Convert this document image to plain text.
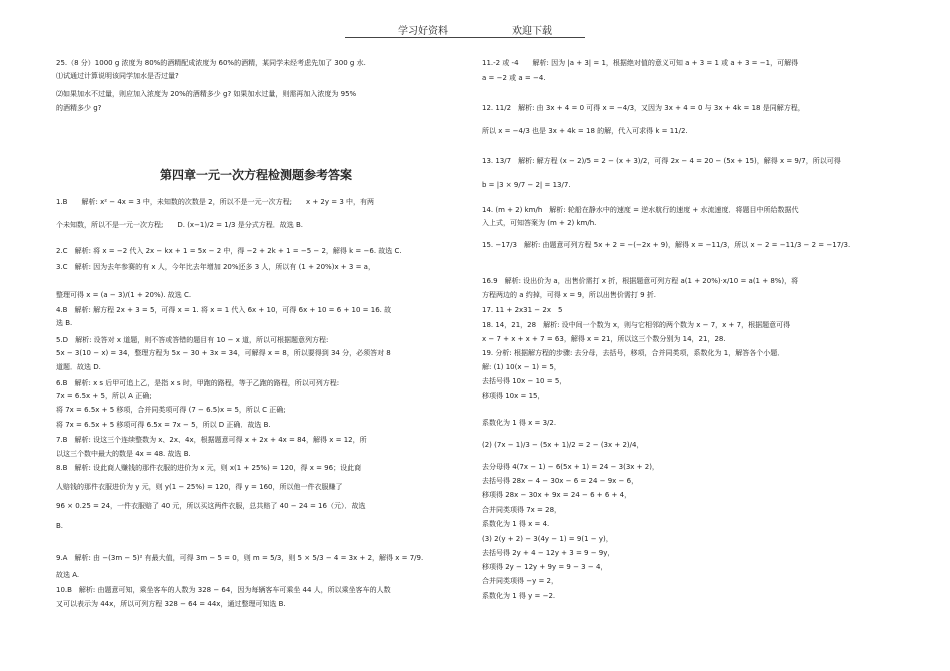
学习好资料	欢迎下载
第四章一元一次方程检测题参考答案
25.（8 分）1000 g 浓度为 80%的酒精配成浓度为 60%的酒精，某同学未经考虑先加了 300 g 水.
⑴试通过计算说明该同学加水是否过量?
⑵如果加水不过量，则应加入浓度为 20%的酒精多少 g? 如果加水过量，则需再加入浓度为 95%
的酒精多少 g?
1.B　　解析: x² − 4x = 3 中，未知数的次数是 2，所以不是一元一次方程;　　x + 2y = 3 中，有两
个未知数，所以不是一元一次方程;　　D. (x−1)/2 = 1/3 是分式方程．故选 B.
2.C　解析: 将 x = −2 代入 2x − kx + 1 = 5x − 2 中，得 −2 + 2k + 1 = −5 − 2，解得 k = −6. 故选 C.
3.C　解析: 因为去年参赛的有 x 人，今年比去年增加 20%还多 3 人，所以有 (1 + 20%)x + 3 = a，
整理可得 x = (a − 3)/(1 + 20%). 故选 C.
4.B　解析: 解方程 2x + 3 = 5，可得 x = 1. 将 x = 1 代入 6x + 10，可得 6x + 10 = 6 + 10 = 16. 故
选 B.
5.D　解析: 设答对 x 道题，则不答或答错的题目有 10 − x 道，所以可根据题意列方程:
5x − 3(10 − x) = 34，整理方程为 5x − 30 + 3x = 34，可解得 x = 8，所以要得到 34 分，必须答对 8
道题．故选 D.
6.B　解析: x s 后甲可追上乙，是指 x s 时，甲跑的路程，等于乙跑的路程，所以可列方程:
7x = 6.5x + 5，所以 A 正确;
将 7x = 6.5x + 5 移项，合并同类项可得 (7 − 6.5)x = 5，所以 C 正确;
将 7x = 6.5x + 5 移项可得 6.5x = 7x − 5，所以 D 正确．故选 B.
7.B　解析: 设这三个连续整数为 x、2x、4x，根据题意可得 x + 2x + 4x = 84，解得 x = 12，所
以这三个数中最大的数是 4x = 48. 故选 B.
8.B　解析: 设此商人赚钱的那件衣服的进价为 x 元，则 x(1 + 25%) = 120，得 x = 96；设此商
人赔钱的那件衣服进价为 y 元，则 y(1 − 25%) = 120，得 y = 160，所以他一件衣服赚了
96 × 0.25 = 24，一件衣服赔了 40 元，所以买这两件衣服，总共赔了 40 − 24 = 16（元）．故选
B.
9.A　解析: 由 −(3m − 5)² 有最大值，可得 3m − 5 = 0，则 m = 5/3，则 5 × 5/3 − 4 = 3x + 2，解得 x = 7/9.
故选 A.
10.B　解析: 由题意可知，乘坐客车的人数为 328 − 64，因为每辆客车可乘坐 44 人，所以乘坐客车的人数
又可以表示为 44x，所以可列方程 328 − 64 = 44x，通过整理可知选 B.
11.-2 或 -4　　解析: 因为 |a + 3| = 1，根据绝对值的意义可知 a + 3 = 1 或 a + 3 = −1，可解得
a = −2 或 a = −4.
12. 11/2　解析: 由 3x + 4 = 0 可得 x = −4/3，又因为 3x + 4 = 0 与 3x + 4k = 18 是同解方程，
所以 x = −4/3 也是 3x + 4k = 18 的解，代入可求得 k = 11/2.
13. 13/7　解析: 解方程 (x − 2)/5 = 2 − (x + 3)/2，可得 2x − 4 = 20 − (5x + 15)，解得 x = 9/7，所以可得
b = |3 × 9/7 − 2| = 13/7.
14. (m + 2) km/h　解析: 轮船在静水中的速度 = 逆水航行的速度 + 水流速度．将题目中所给数据代
入上式，可知答案为 (m + 2) km/h.
15. −17/3　解析: 由题意可列方程 5x + 2 = −(−2x + 9)，解得 x = −11/3，所以 x − 2 = −11/3 − 2 = −17/3.
16.9　解析: 设出价为 a，出售价需打 x 折，根据题意可列方程 a(1 + 20%)·x/10 = a(1 + 8%)，将
方程两边的 a 约掉，可得 x = 9，所以出售价需打 9 折.
17. 11 + 2x31 − 2x　5
18. 14，21，28　解析: 设中间一个数为 x，则与它相邻的两个数为 x − 7，x + 7，根据题意可得
x − 7 + x + x + 7 = 63，解得 x = 21，所以这三个数分别为 14，21，28.
19. 分析: 根据解方程的步骤: 去分母，去括号，移项，合并同类项，系数化为 1，解答各个小题．
解: (1) 10(x − 1) = 5，
去括号得 10x − 10 = 5，
移项得 10x = 15，
系数化为 1 得 x = 3/2.
(2) (7x − 1)/3 − (5x + 1)/2 = 2 − (3x + 2)/4，
去分母得 4(7x − 1) − 6(5x + 1) = 24 − 3(3x + 2)，
去括号得 28x − 4 − 30x − 6 = 24 − 9x − 6，
移项得 28x − 30x + 9x = 24 − 6 + 6 + 4，
合并同类项得 7x = 28，
系数化为 1 得 x = 4.
(3) 2(y + 2) − 3(4y − 1) = 9(1 − y)，
去括号得 2y + 4 − 12y + 3 = 9 − 9y，
移项得 2y − 12y + 9y = 9 − 3 − 4，
合并同类项得 −y = 2，
系数化为 1 得 y = −2.
